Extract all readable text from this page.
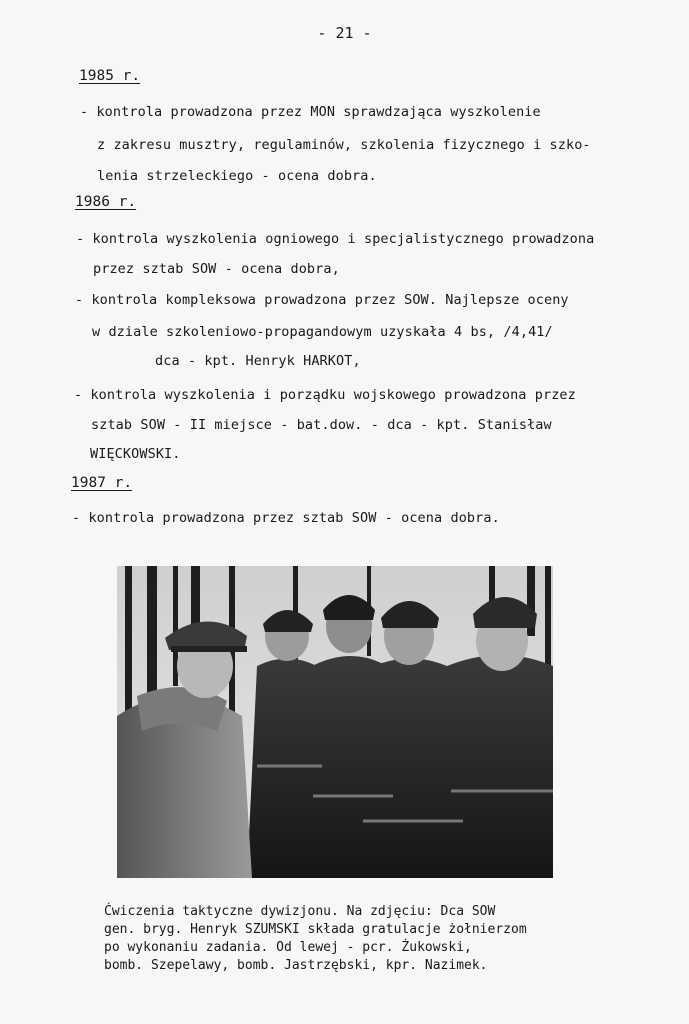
- 21 -
1985 r.
- kontrola prowadzona przez MON sprawdzająca wyszkolenie
z zakresu musztry, regulaminów, szkolenia fizycznego i szko-
lenia strzeleckiego - ocena dobra.
1986 r.
- kontrola wyszkolenia ogniowego i specjalistycznego prowadzona
przez sztab SOW - ocena dobra,
- kontrola kompleksowa prowadzona przez SOW. Najlepsze oceny
w dziale szkoleniowo-propagandowym uzyskała 4 bs, /4,41/
dca - kpt. Henryk HARKOT,
- kontrola wyszkolenia i porządku wojskowego prowadzona przez
sztab SOW - II miejsce - bat.dow. - dca - kpt. Stanisław
WIĘCKOWSKI.
1987 r.
- kontrola prowadzona przez sztab SOW - ocena dobra.
Ćwiczenia taktyczne dywizjonu. Na zdjęciu: Dca SOW
gen. bryg. Henryk SZUMSKI składa gratulacje żołnierzom
po wykonaniu zadania. Od lewej - pcr. Żukowski,
bomb. Szepelawy, bomb. Jastrzębski, kpr. Nazimek.
